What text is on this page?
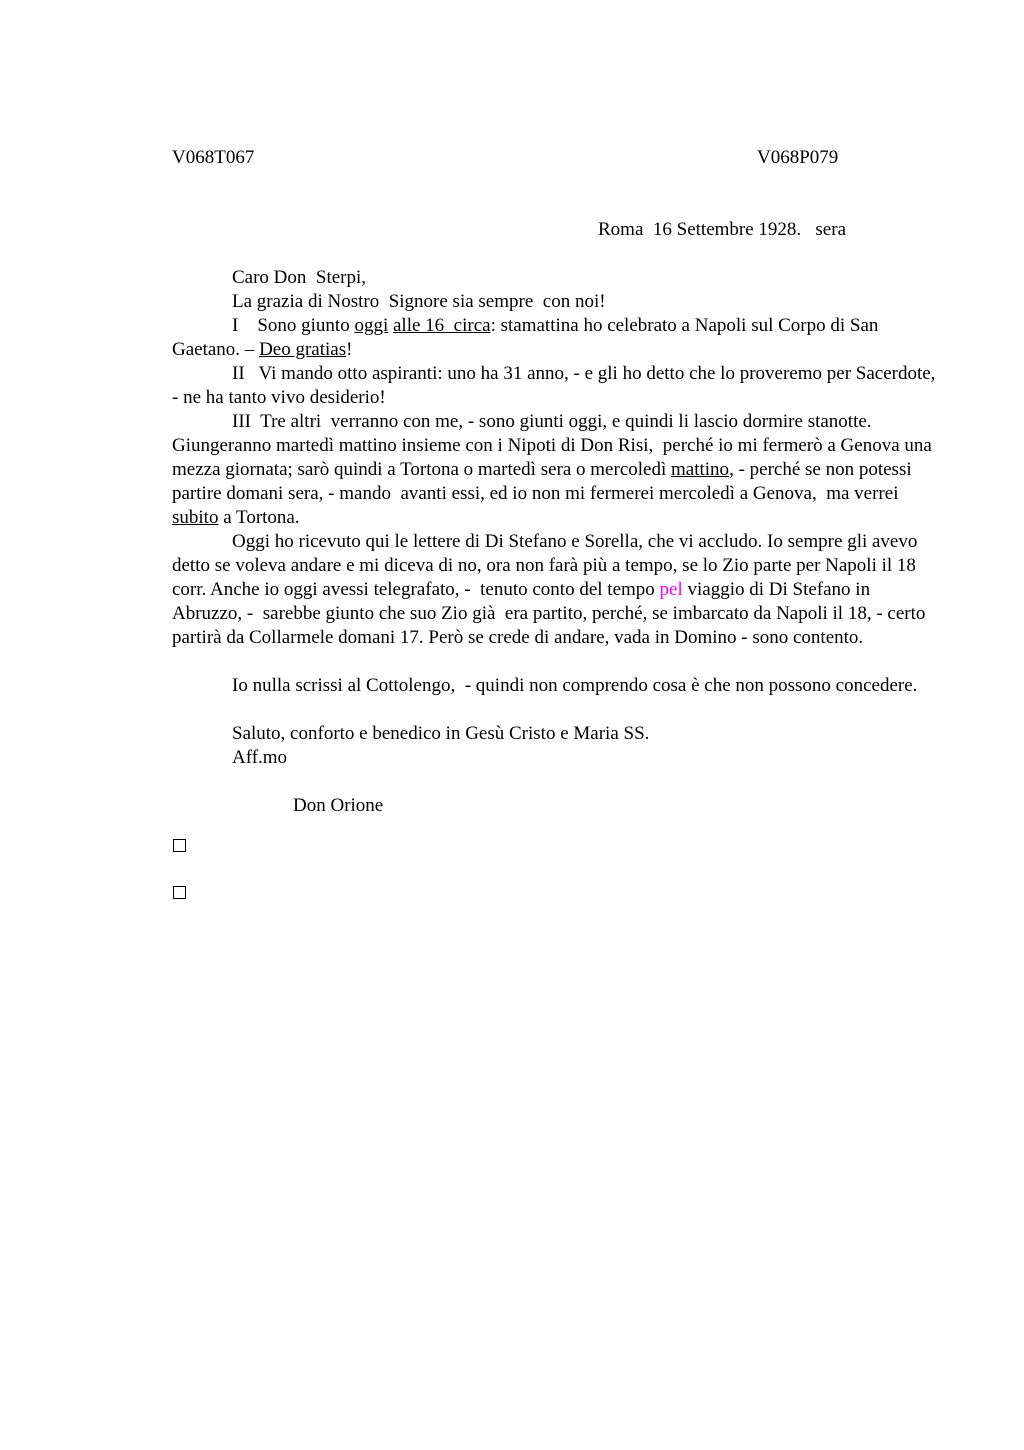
V068T067	V068P079
Roma  16 Settembre 1928.   sera
Caro Don  Sterpi,
La grazia di Nostro  Signore sia sempre  con noi!
I    Sono giunto oggi alle 16  circa: stamattina ho celebrato a Napoli sul Corpo di San Gaetano. – Deo gratias!
II   Vi mando otto aspiranti: uno ha 31 anno, - e gli ho detto che lo proveremo per Sacerdote, - ne ha tanto vivo desiderio!
III  Tre altri  verranno con me, - sono giunti oggi, e quindi li lascio dormire stanotte. Giungeranno martedì mattino insieme con i Nipoti di Don Risi,  perché io mi fermerò a Genova una mezza giornata; sarò quindi a Tortona o martedì sera o mercoledì mattino, - perché se non potessi partire domani sera, - mando  avanti essi, ed io non mi fermerei mercoledì a Genova,  ma verrei subito a Tortona.
Oggi ho ricevuto qui le lettere di Di Stefano e Sorella, che vi accludo. Io sempre gli avevo detto se voleva andare e mi diceva di no, ora non farà più a tempo, se lo Zio parte per Napoli il 18 corr. Anche io oggi avessi telegrafato, -  tenuto conto del tempo pel viaggio di Di Stefano in Abruzzo, -  sarebbe giunto che suo Zio già  era partito, perché, se imbarcato da Napoli il 18, - certo partirà da Collarmele domani 17. Però se crede di andare, vada in Domino - sono contento.
Io nulla scrissi al Cottolengo,  - quindi non comprendo cosa è che non possono concedere.
Saluto, conforto e benedico in Gesù Cristo e Maria SS.
Aff.mo
Don Orione
